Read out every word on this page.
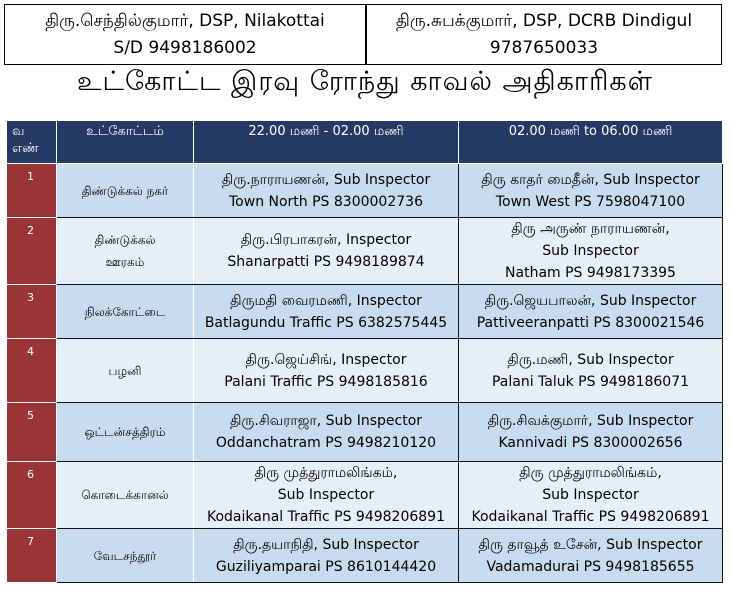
திரு.செந்தில்குமார், DSP, Nilakottai
S/D 9498186002
திரு.சுபக்குமார், DSP, DCRB Dindigul
9787650033
உட்கோட்ட இரவு ரோந்து காவல் அதிகாரிகள்
வ
எண்	உட்கோட்டம்	22.00 மணி - 02.00 மணி	02.00 மணி to 06.00 மணி
1	திண்டுக்கல் நகர்	திரு.நாராயணன், Sub Inspector
Town North PS 8300002736	திரு காதர் மைதீன், Sub Inspector
Town West PS 7598047100

2	திண்டுக்கல்
ஊரகம்	திரு.பிரபாகரன், Inspector
Shanarpatti PS 9498189874	திரு அருண் நாராயணன்,
Sub Inspector
Natham PS 9498173395

3	நிலக்கோட்டை	திருமதி வைரமணி, Inspector
Batlagundu Traffic PS 6382575445	திரு.ஜெயபாலன், Sub Inspector
Pattiveeranpatti PS 8300021546

4	பழனி	திரு.ஜெய்சிங், Inspector
Palani Traffic PS 9498185816	திரு.மணி, Sub Inspector
Palani Taluk PS 9498186071

5	ஒட்டன்சத்திரம்	திரு.சிவராஜா, Sub Inspector
Oddanchatram PS 9498210120	திரு.சிவக்குமார், Sub Inspector
Kannivadi PS 8300002656

6	கொடைக்கானல்	திரு முத்துராமலிங்கம்,
Sub Inspector
Kodaikanal Traffic PS 9498206891	திரு முத்துராமலிங்கம்,
Sub Inspector
Kodaikanal Traffic PS 9498206891

7	வேடசந்தூர்	திரு.தயாநிதி, Sub Inspector
Guziliyamparai PS 8610144420	திரு தாவூத் உசேன், Sub Inspector
Vadamadurai PS 9498185655
